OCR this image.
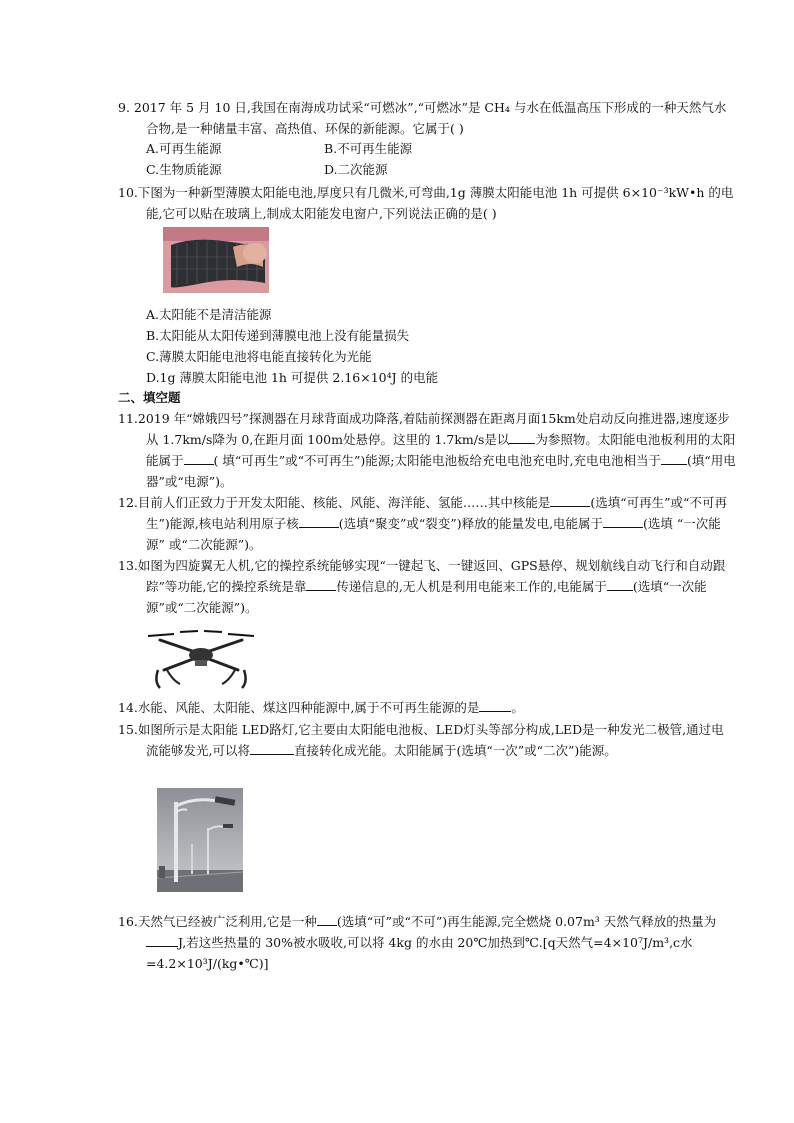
9. 2017 年 5 月 10 日,我国在南海成功试采“可燃冰”,“可燃冰”是 CH₄ 与水在低温高压下形成的一种天然气水合物,是一种储量丰富、高热值、环保的新能源。它属于( )
A.可再生能源	B.不可再生能源
C.生物质能源	D.二次能源
10.下图为一种新型薄膜太阳能电池,厚度只有几微米,可弯曲,1g 薄膜太阳能电池 1h 可提供 6×10⁻³kW•h 的电能,它可以贴在玻璃上,制成太阳能发电窗户,下列说法正确的是( )
A.太阳能不是清洁能源
B.太阳能从太阳传递到薄膜电池上没有能量损失
C.薄膜太阳能电池将电能直接转化为光能
D.1g 薄膜太阳能电池 1h 可提供 2.16×10⁴J 的电能
二、填空题
11.2019 年“嫦娥四号”探测器在月球背面成功降落,着陆前探测器在距离月面15km处启动反向推进器,速度逐步从 1.7km/s降为 0,在距月面 100m处悬停。这里的 1.7km/s是以 为参照物。太阳能电池板利用的太阳能属于 ( 填“可再生”或“不可再生”)能源;太阳能电池板给充电电池充电时,充电电池相当于 (填“用电器”或“电源”)。
12.目前人们正致力于开发太阳能、核能、风能、海洋能、氢能……其中核能是	(选填“可再生”或“不可再生”)能源,核电站利用原子核	(选填“聚变”或“裂变”)释放的能量发电,电能属于	(选填 “一次能源” 或“二次能源”)。
13.如图为四旋翼无人机,它的操控系统能够实现“一键起飞、一键返回、GPS悬停、规划航线自动飞行和自动跟踪”等功能,它的操控系统是靠 传递信息的,无人机是利用电能来工作的,电能属于 (选填“一次能源”或“二次能源”)。
14.水能、风能、太阳能、煤这四种能源中,属于不可再生能源的是	。
15.如图所示是太阳能 LED路灯,它主要由太阳能电池板、LED灯头等部分构成,LED是一种发光二极管,通过电流能够发光,可以将	直接转化成光能。太阳能属于(选填“一次”或“二次”)能源。
16.天然气已经被广泛利用,它是一种 (选填“可”或“不可”)再生能源,完全燃烧 0.07m³ 天然气释放的热量为J,若这些热量的 30%被水吸收,可以将 4kg 的水由 20℃加热到℃.[q天然气=4×10⁷J/m³,c水=4.2×10³J/(kg•℃)]
